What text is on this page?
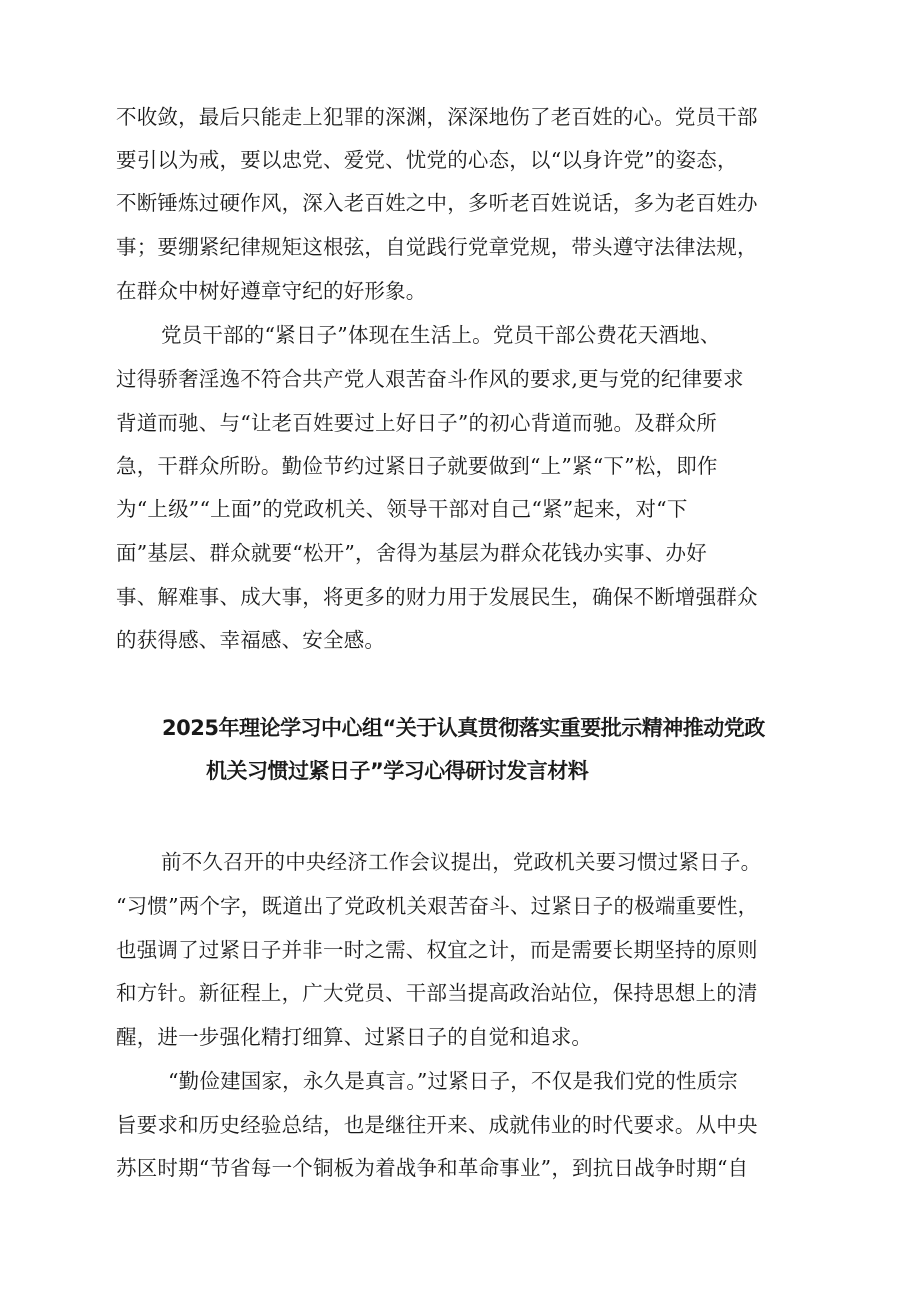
不收敛，最后只能走上犯罪的深渊，深深地伤了老百姓的心。党员干部
要引以为戒，要以忠党、爱党、忧党的心态，以“以身许党”的姿态，
不断锤炼过硬作风，深入老百姓之中，多听老百姓说话，多为老百姓办
事；要绷紧纪律规矩这根弦，自觉践行党章党规，带头遵守法律法规，
在群众中树好遵章守纪的好形象。
党员干部的“紧日子”体现在生活上。党员干部公费花天酒地、
过得骄奢淫逸不符合共产党人艰苦奋斗作风的要求,更与党的纪律要求
背道而驰、与“让老百姓要过上好日子”的初心背道而驰。及群众所
急，干群众所盼。勤俭节约过紧日子就要做到“上”紧“下”松，即作
为“上级”“上面”的党政机关、领导干部对自己“紧”起来，对“下
面”基层、群众就要“松开”，舍得为基层为群众花钱办实事、办好
事、解难事、成大事，将更多的财力用于发展民生，确保不断增强群众
的获得感、幸福感、安全感。
2025年理论学习中心组“关于认真贯彻落实重要批示精神推动党政
机关习惯过紧日子”学习心得研讨发言材料
前不久召开的中央经济工作会议提出，党政机关要习惯过紧日子。
“习惯”两个字，既道出了党政机关艰苦奋斗、过紧日子的极端重要性，
也强调了过紧日子并非一时之需、权宜之计，而是需要长期坚持的原则
和方针。新征程上，广大党员、干部当提高政治站位，保持思想上的清
醒，进一步强化精打细算、过紧日子的自觉和追求。
“勤俭建国家，永久是真言。”过紧日子，不仅是我们党的性质宗
旨要求和历史经验总结，也是继往开来、成就伟业的时代要求。从中央
苏区时期“节省每一个铜板为着战争和革命事业”，到抗日战争时期“自
